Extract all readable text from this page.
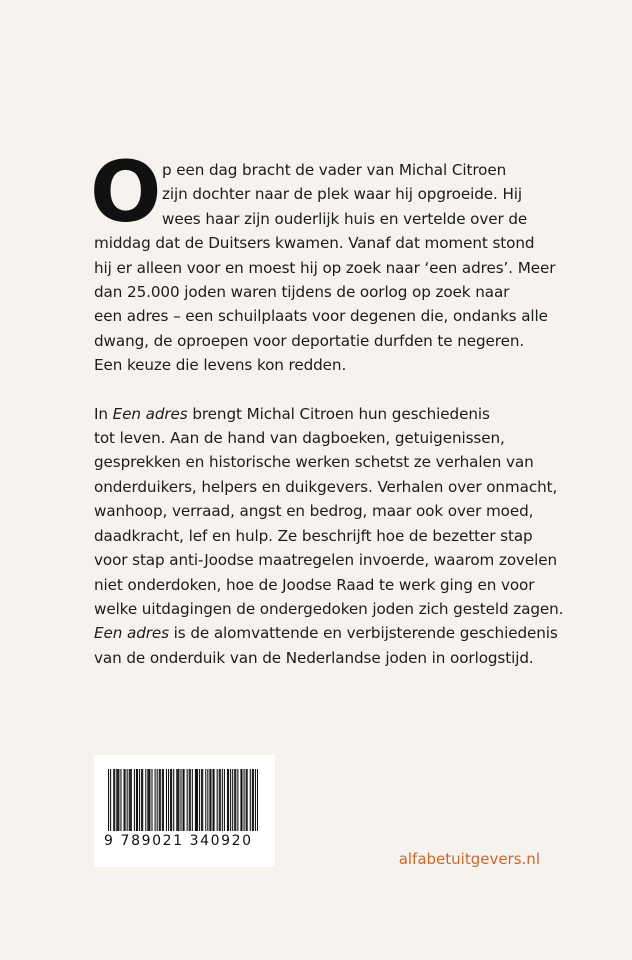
O p een dag bracht de vader van Michal Citroen
zijn dochter naar de plek waar hij opgroeide. Hij
wees haar zijn ouderlijk huis en vertelde over de
middag dat de Duitsers kwamen. Vanaf dat moment stond
hij er alleen voor en moest hij op zoek naar ‘een adres’. Meer
dan 25.000 joden waren tijdens de oorlog op zoek naar
een adres – een schuilplaats voor degenen die, ondanks alle
dwang, de oproepen voor deportatie durfden te negeren.
Een keuze die levens kon redden.

In Een adres brengt Michal Citroen hun geschiedenis
tot leven. Aan de hand van dagboeken, getuigenissen,
gesprekken en historische werken schetst ze verhalen van
onderduikers, helpers en duikgevers. Verhalen over onmacht,
wanhoop, verraad, angst en bedrog, maar ook over moed,
daadkracht, lef en hulp. Ze beschrijft hoe de bezetter stap
voor stap anti-Joodse maatregelen invoerde, waarom zovelen
niet onderdoken, hoe de Joodse Raad te werk ging en voor
welke uitdagingen de ondergedoken joden zich gesteld zagen.
Een adres is de alomvattende en verbijsterende geschiedenis
van de onderduik van de Nederlandse joden in oorlogstijd.

9 789021 340920
alfabetuitgevers.nl
